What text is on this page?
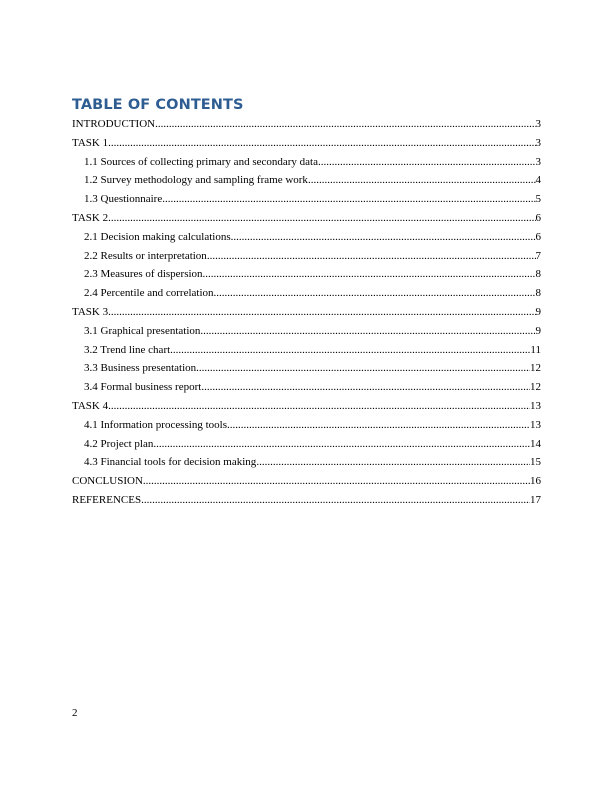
TABLE OF CONTENTS
INTRODUCTION .....	3
TASK 1 .....	3
1.1 Sources of collecting primary and secondary data .....	3
1.2 Survey methodology and sampling frame work .....	4
1.3 Questionnaire .....	5
TASK 2 .....	6
2.1 Decision making calculations .....	6
2.2 Results or interpretation .....	7
2.3 Measures of dispersion .....	8
2.4 Percentile and correlation .....	8
TASK 3 .....	9
3.1 Graphical presentation .....	9
3.2 Trend line chart .....	11
3.3 Business presentation .....	12
3.4 Formal business report .....	12
TASK 4 .....	13
4.1 Information processing tools .....	13
4.2 Project plan .....	14
4.3 Financial tools for decision making .....	15
CONCLUSION .....	16
REFERENCES .....	17
2
